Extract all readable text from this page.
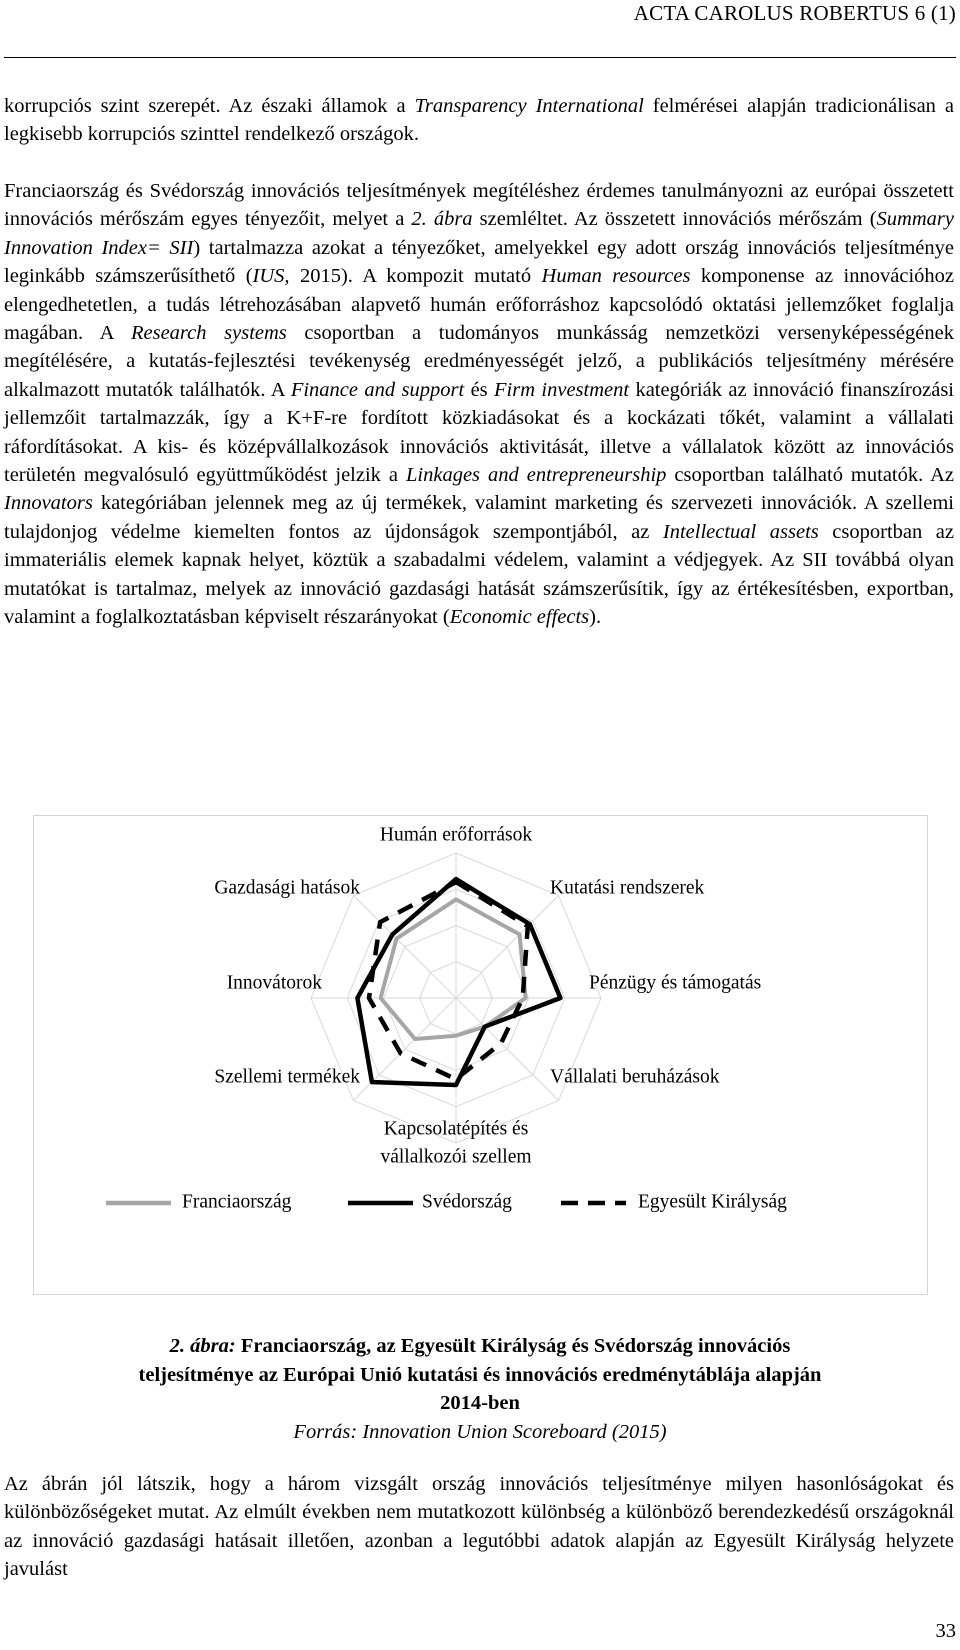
ACTA CAROLUS ROBERTUS 6 (1)

korrupciós szint szerepét. Az északi államok a Transparency International felmérései alapján tradicionálisan a legkisebb korrupciós szinttel rendelkező országok.

Franciaország és Svédország innovációs teljesítmények megítéléshez érdemes tanulmányozni az európai összetett innovációs mérőszám egyes tényezőit, melyet a 2. ábra szemléltet. Az összetett innovációs mérőszám (Summary Innovation Index= SII) tartalmazza azokat a tényezőket, amelyekkel egy adott ország innovációs teljesítménye leginkább számszerűsíthető (IUS, 2015). A kompozit mutató Human resources komponense az innovációhoz elengedhetetlen, a tudás létrehozásában alapvető humán erőforráshoz kapcsolódó oktatási jellemzőket foglalja magában. A Research systems csoportban a tudományos munkásság nemzetközi versenyképességének megítélésére, a kutatás-fejlesztési tevékenység eredményességét jelző, a publikációs teljesítmény mérésére alkalmazott mutatók találhatók. A Finance and support és Firm investment kategóriák az innováció finanszírozási jellemzőit tartalmazzák, így a K+F-re fordított közkiadásokat és a kockázati tőkét, valamint a vállalati ráfordításokat. A kis- és középvállalkozások innovációs aktivitását, illetve a vállalatok között az innovációs területén megvalósuló együttműködést jelzik a Linkages and entrepreneurship csoportban található mutatók. Az Innovators kategóriában jelennek meg az új termékek, valamint marketing és szervezeti innovációk. A szellemi tulajdonjog védelme kiemelten fontos az újdonságok szempontjából, az Intellectual assets csoportban az immateriális elemek kapnak helyet, köztük a szabadalmi védelem, valamint a védjegyek. Az SII továbbá olyan mutatókat is tartalmaz, melyek az innováció gazdasági hatását számszerűsítik, így az értékesítésben, exportban, valamint a foglalkoztatásban képviselt részarányokat (Economic effects).

Humán erőforrások
Kutatási rendszerek
Pénzügy és támogatás
Vállalati beruházások
Kapcsolatépítés és
vállalkozói szellem
Szellemi termékek
Innovátorok
Gazdasági hatások
Franciaország	Svédország	Egyesült Királyság
2. ábra: Franciaország, az Egyesült Királyság és Svédország innovációs
teljesítménye az Európai Unió kutatási és innovációs eredménytáblája alapján
2014-ben
Forrás: Innovation Union Scoreboard (2015)

Az ábrán jól látszik, hogy a három vizsgált ország innovációs teljesítménye milyen hasonlóságokat és különbözőségeket mutat. Az elmúlt években nem mutatkozott különbség a különböző berendezkedésű országoknál az innováció gazdasági hatásait illetően, azonban a legutóbbi adatok alapján az Egyesült Királyság helyzete javulást

33
